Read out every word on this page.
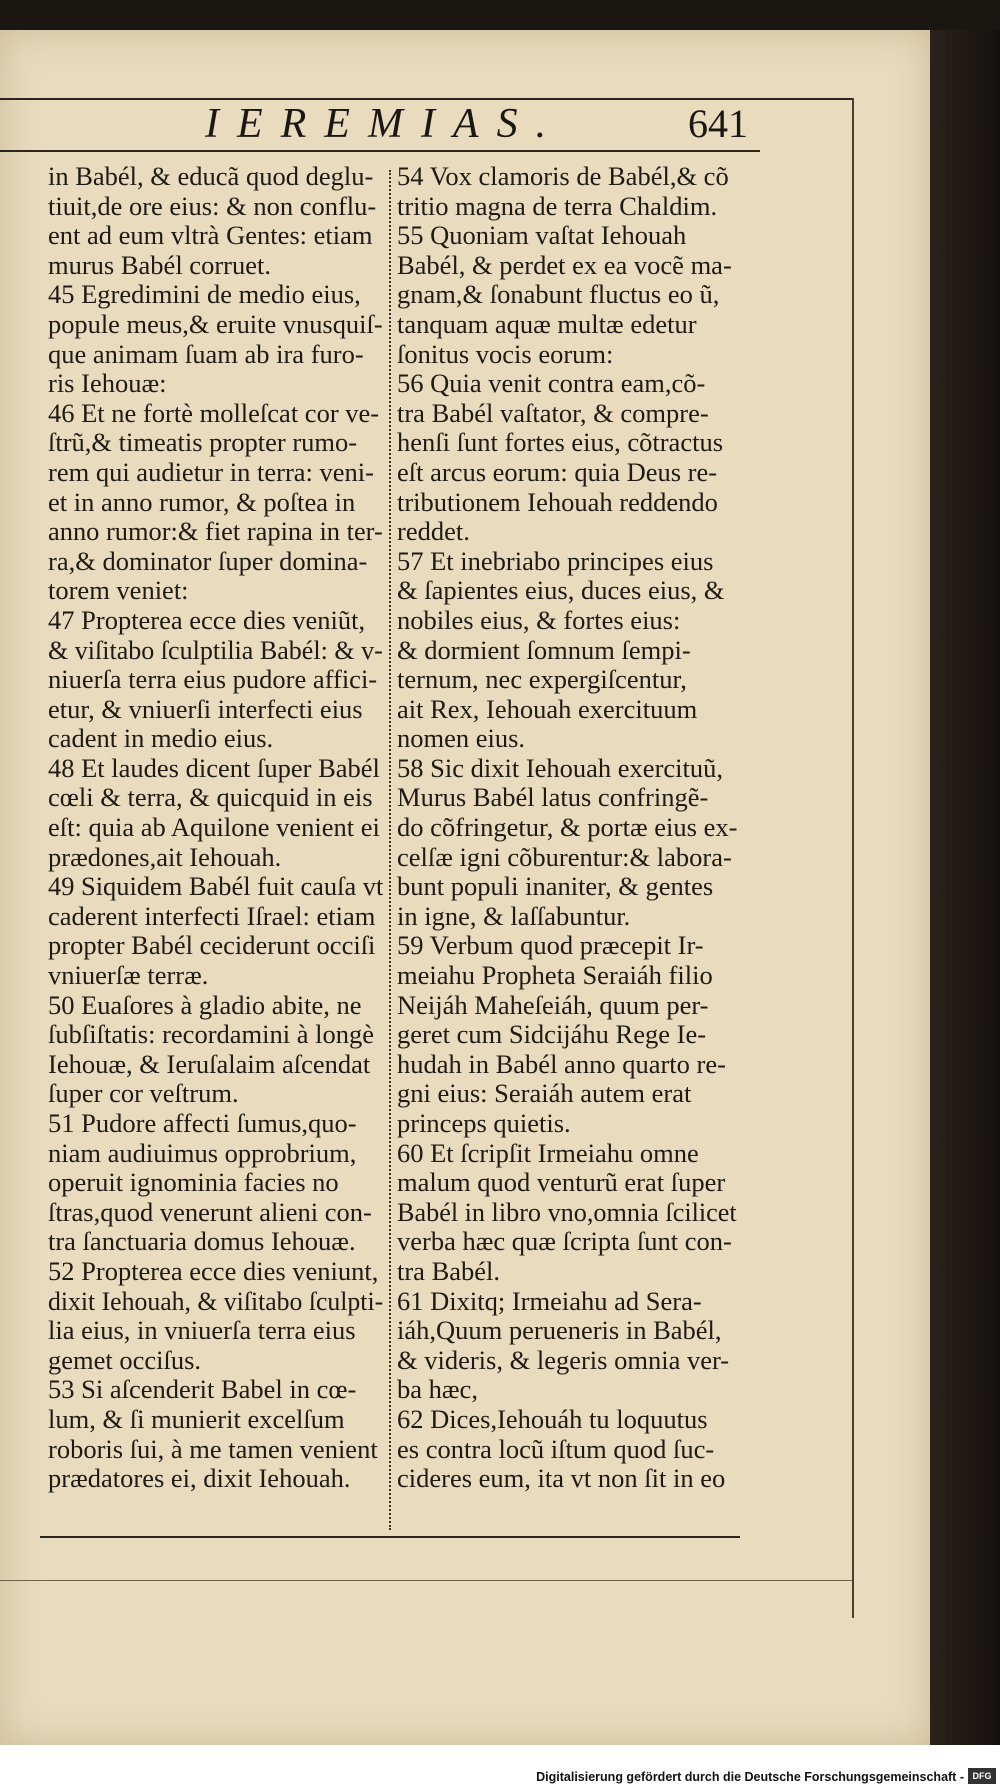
IEREMIAS.	641
in Babél, & educã quod deglu-
tiuit,de ore eius: & non conflu-
ent ad eum vltrà Gentes: etiam
murus Babél corruet.
45 Egredimini de medio eius,
popule meus,& eruite vnusquiſ-
que animam ſuam ab ira furo-
ris Iehouæ:
46 Et ne fortè molleſcat cor ve-
ſtrũ,& timeatis propter rumo-
rem qui audietur in terra: veni-
et in anno rumor, & poſtea in
anno rumor:& fiet rapina in ter-
ra,& dominator ſuper domina-
torem veniet:
47 Propterea ecce dies veniũt,
& viſitabo ſculptilia Babél: & v-
niuerſa terra eius pudore affici-
etur, & vniuerſi interfecti eius
cadent in medio eius.
48 Et laudes dicent ſuper Babél
cœli & terra, & quicquid in eis
eſt: quia ab Aquilone venient ei
prædones,ait Iehouah.
49 Siquidem Babél fuit cauſa vt
caderent interfecti Iſrael: etiam
propter Babél ceciderunt occiſi
vniuerſæ terræ.
50 Euaſores à gladio abite, ne
ſubſiſtatis: recordamini à longè
Iehouæ, & Ieruſalaim aſcendat
ſuper cor veſtrum.
51 Pudore affecti ſumus,quo-
niam audiuimus opprobrium,
operuit ignominia facies no
ſtras,quod venerunt alieni con-
tra ſanctuaria domus Iehouæ.
52 Propterea ecce dies veniunt,
dixit Iehouah, & viſitabo ſculpti-
lia eius, in vniuerſa terra eius
gemet occiſus.
53 Si aſcenderit Babel in cœ-
lum, & ſi munierit excelſum
roboris ſui, à me tamen venient
prædatores ei, dixit Iehouah.
54 Vox clamoris de Babél,& cõ
tritio magna de terra Chaldim.
55 Quoniam vaſtat Iehouah
Babél, & perdet ex ea vocẽ ma-
gnam,& ſonabunt fluctus eo ũ,
tanquam aquæ multæ edetur
ſonitus vocis eorum:
56 Quia venit contra eam,cõ-
tra Babél vaſtator, & compre-
henſi ſunt fortes eius, cõtractus
eſt arcus eorum: quia Deus re-
tributionem Iehouah reddendo
reddet.
57 Et inebriabo principes eius
& ſapientes eius, duces eius, &
nobiles eius, & fortes eius:
& dormient ſomnum ſempi-
ternum, nec expergiſcentur,
ait Rex, Iehouah exercituum
nomen eius.
58 Sic dixit Iehouah exercituũ,
Murus Babél latus confringẽ-
do cõfringetur, & portæ eius ex-
celſæ igni cõburentur:& labora-
bunt populi inaniter, & gentes
in igne, & laſſabuntur.
59 Verbum quod præcepit Ir-
meiahu Propheta Seraiáh filio
Neijáh Maheſeiáh, quum per-
geret cum Sidcijáhu Rege Ie-
hudah in Babél anno quarto re-
gni eius: Seraiáh autem erat
princeps quietis.
60 Et ſcripſit Irmeiahu omne
malum quod venturũ erat ſuper
Babél in libro vno,omnia ſcilicet
verba hæc quæ ſcripta ſunt con-
tra Babél.
61 Dixitq; Irmeiahu ad Sera-
iáh,Quum perueneris in Babél,
& videris, & legeris omnia ver-
ba hæc,
62 Dices,Iehouáh tu loquutus
es contra locũ iſtum quod ſuc-
cideres eum, ita vt non ſit in eo
Digitalisierung gefördert durch die Deutsche Forschungsgemeinschaft - DFG
